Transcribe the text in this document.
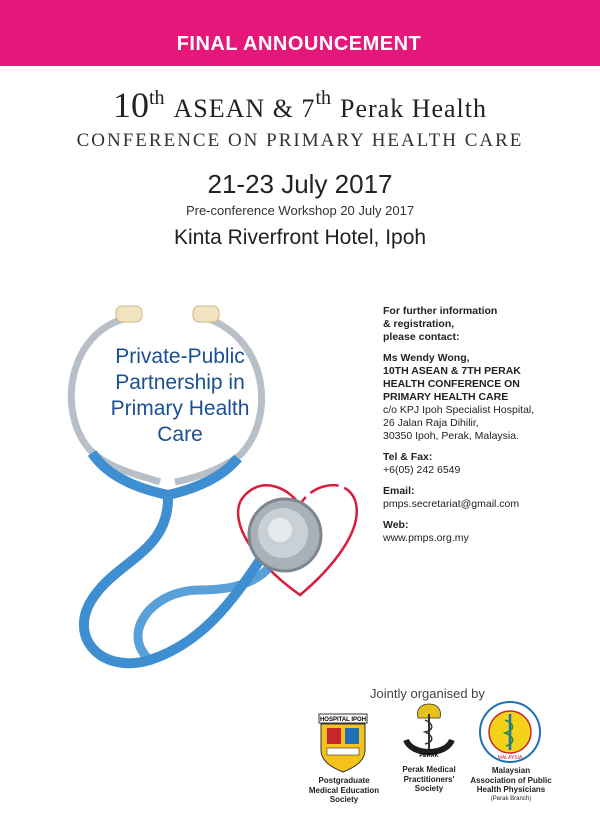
FINAL ANNOUNCEMENT
10th ASEAN & 7th Perak Health
CONFERENCE ON PRIMARY HEALTH CARE
21-23 July 2017
Pre-conference Workshop 20 July 2017
Kinta Riverfront Hotel, Ipoh
Private-Public
Partnership in
Primary Health
Care

For further information

& registration,

please contact:

Ms Wendy Wong,

10TH ASEAN & 7TH PERAK

HEALTH CONFERENCE ON

PRIMARY HEALTH CARE

c/o KPJ Ipoh Specialist Hospital,

26 Jalan Raja Dihilir,

30350 Ipoh, Perak, Malaysia.

Tel & Fax:

+6(05) 242 6549

Email:

pmps.secretariat@gmail.com

Web:

www.pmps.org.my

Jointly organised by
HOSPITAL IPOH
Postgraduate
Medical Education
Society
PERAK
Perak Medical
Practitioners'
Society
MALAYSIA
Malaysian
Association of Public
Health Physicians
(Perak Branch)
